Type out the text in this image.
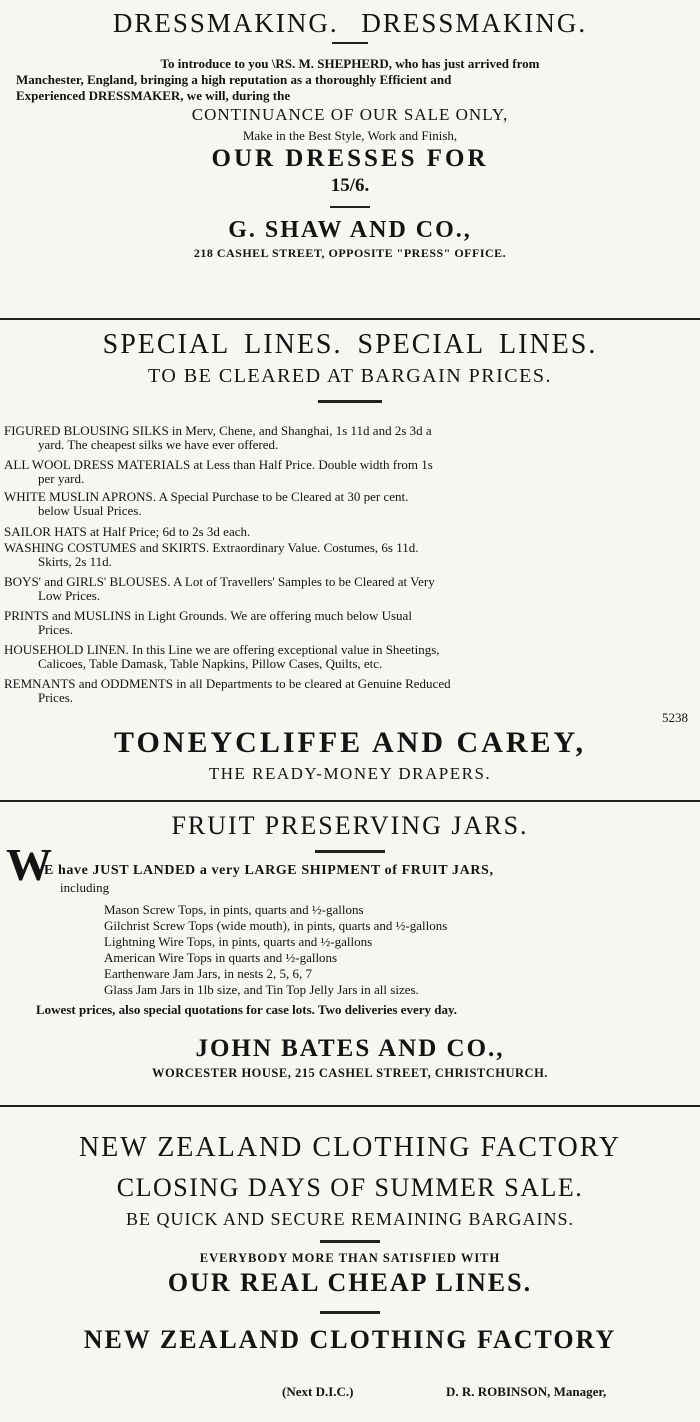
DRESSMAKING. DRESSMAKING.
To introduce to you \RS. M. SHEPHERD, who has just arrived from
Manchester, England, bringing a high reputation as a thoroughly Efficient and
Experienced DRESSMAKER, we will, during the
CONTINUANCE OF OUR SALE ONLY,
Make in the Best Style, Work and Finish,
OUR DRESSES FOR
15/6.
G. SHAW AND CO.,
218 CASHEL STREET, OPPOSITE "PRESS" OFFICE.
SPECIAL LINES. SPECIAL LINES.
TO BE CLEARED AT BARGAIN PRICES.
FIGURED BLOUSING SILKS in Merv, Chene, and Shanghai, 1s 11d and 2s 3d a
yard. The cheapest silks we have ever offered.
ALL WOOL DRESS MATERIALS at Less than Half Price. Double width from 1s
per yard.
WHITE MUSLIN APRONS. A Special Purchase to be Cleared at 30 per cent.
below Usual Prices.
SAILOR HATS at Half Price; 6d to 2s 3d each.
WASHING COSTUMES and SKIRTS. Extraordinary Value. Costumes, 6s 11d.
Skirts, 2s 11d.
BOYS' and GIRLS' BLOUSES. A Lot of Travellers' Samples to be Cleared at Very
Low Prices.
PRINTS and MUSLINS in Light Grounds. We are offering much below Usual
Prices.
HOUSEHOLD LINEN. In this Line we are offering exceptional value in Sheetings,
Calicoes, Table Damask, Table Napkins, Pillow Cases, Quilts, etc.
REMNANTS and ODDMENTS in all Departments to be cleared at Genuine Reduced
Prices.
5238
TONEYCLIFFE AND CAREY,
THE READY-MONEY DRAPERS.
FRUIT PRESERVING JARS.
W
E have JUST LANDED a very LARGE SHIPMENT of FRUIT JARS,
including
Mason Screw Tops, in pints, quarts and ½-gallons
Gilchrist Screw Tops (wide mouth), in pints, quarts and ½-gallons
Lightning Wire Tops, in pints, quarts and ½-gallons
American Wire Tops in quarts and ½-gallons
Earthenware Jam Jars, in nests 2, 5, 6, 7
Glass Jam Jars in 1lb size, and Tin Top Jelly Jars in all sizes.
Lowest prices, also special quotations for case lots. Two deliveries every day.
JOHN BATES AND CO.,
WORCESTER HOUSE, 215 CASHEL STREET, CHRISTCHURCH.
NEW ZEALAND CLOTHING FACTORY
CLOSING DAYS OF SUMMER SALE.
BE QUICK AND SECURE REMAINING BARGAINS.
EVERYBODY MORE THAN SATISFIED WITH
OUR REAL CHEAP LINES.
NEW ZEALAND CLOTHING FACTORY
(Next D.I.C.)	D. R. ROBINSON, Manager,
